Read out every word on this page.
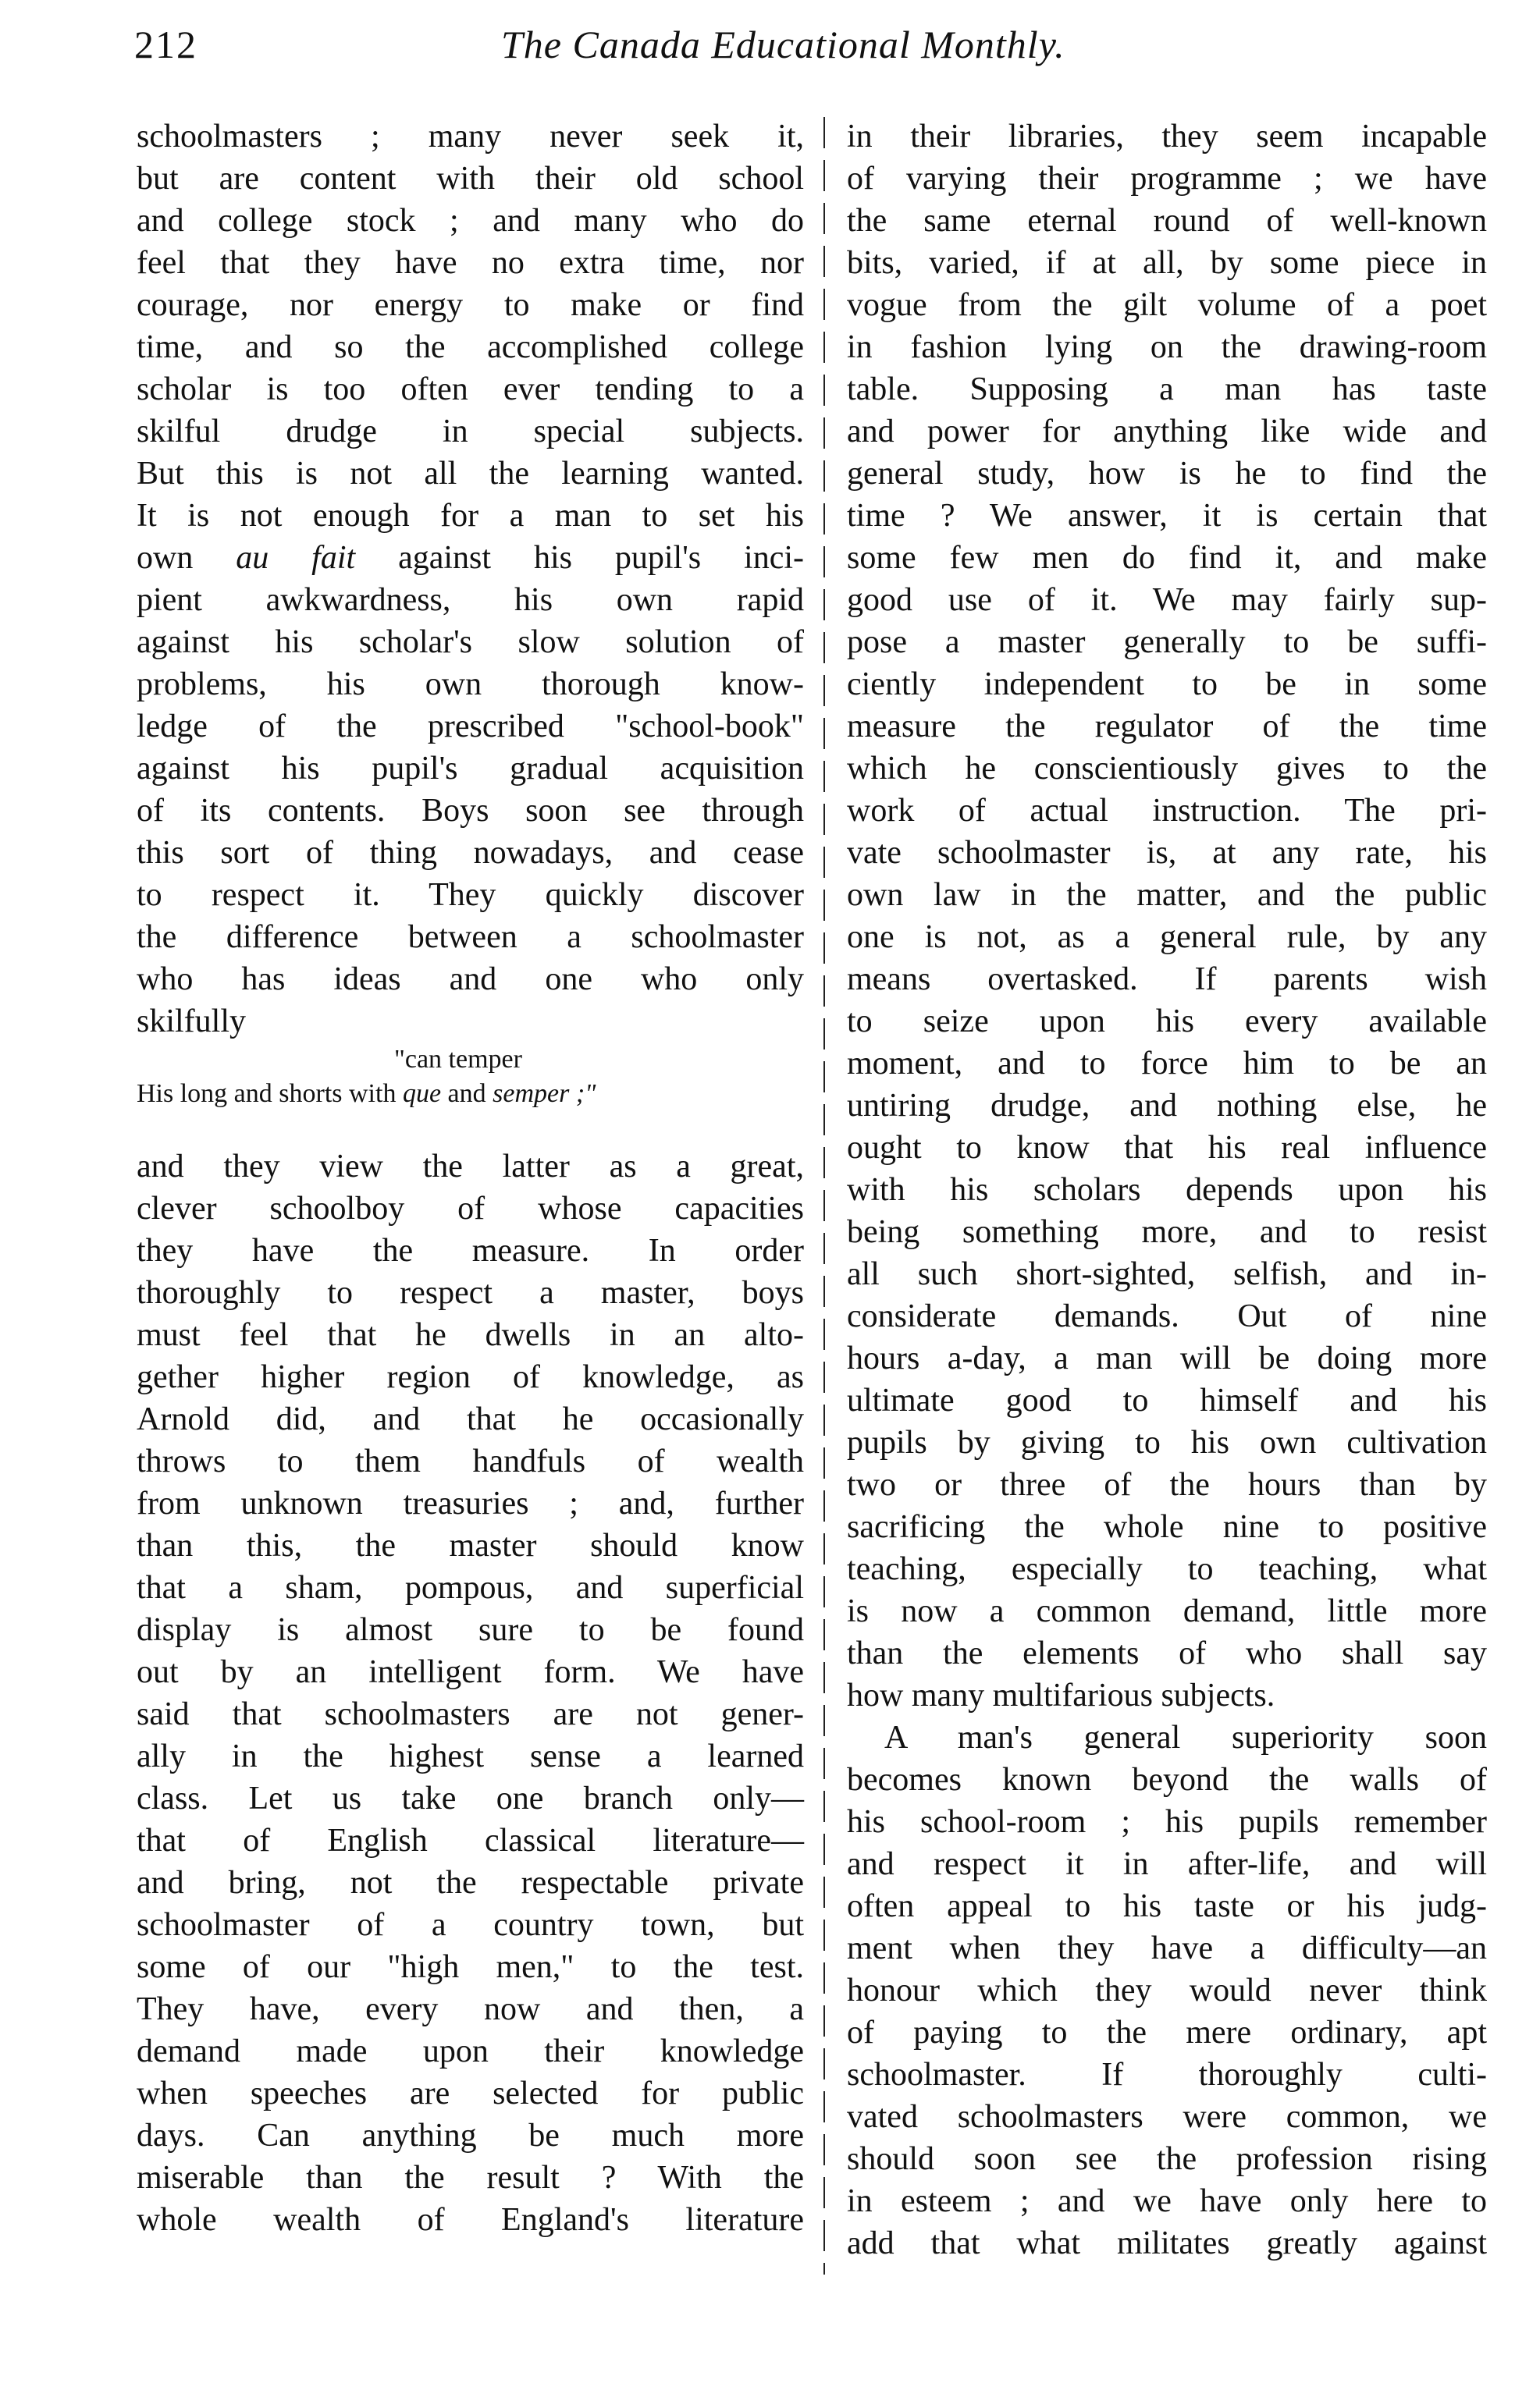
212	The Canada Educational Monthly.
schoolmasters ; many never seek it,
but are content with their old school
and college stock ; and many who do
feel that they have no extra time, nor
courage, nor energy to make or find
time, and so the accomplished college
scholar is too often ever tending to a
skilful drudge in special subjects.
But this is not all the learning wanted.
It is not enough for a man to set his
own au fait against his pupil's inci-
pient awkwardness, his own rapid
against his scholar's slow solution of
problems, his own thorough know-
ledge of the prescribed "school-book"
against his pupil's gradual acquisition
of its contents. Boys soon see through
this sort of thing nowadays, and cease
to respect it. They quickly discover
the difference between a schoolmaster
who has ideas and one who only
skilfully
"can temper
His long and shorts with que and semper ;"
and they view the latter as a great,
clever schoolboy of whose capacities
they have the measure. In order
thoroughly to respect a master, boys
must feel that he dwells in an alto-
gether higher region of knowledge, as
Arnold did, and that he occasionally
throws to them handfuls of wealth
from unknown treasuries ; and, further
than this, the master should know
that a sham, pompous, and superficial
display is almost sure to be found
out by an intelligent form. We have
said that schoolmasters are not gener-
ally in the highest sense a learned
class. Let us take one branch only—
that of English classical literature—
and bring, not the respectable private
schoolmaster of a country town, but
some of our "high men," to the test.
They have, every now and then, a
demand made upon their knowledge
when speeches are selected for public
days. Can anything be much more
miserable than the result ? With the
whole wealth of England's literature
in their libraries, they seem incapable
of varying their programme ; we have
the same eternal round of well-known
bits, varied, if at all, by some piece in
vogue from the gilt volume of a poet
in fashion lying on the drawing-room
table. Supposing a man has taste
and power for anything like wide and
general study, how is he to find the
time ? We answer, it is certain that
some few men do find it, and make
good use of it. We may fairly sup-
pose a master generally to be suffi-
ciently independent to be in some
measure the regulator of the time
which he conscientiously gives to the
work of actual instruction. The pri-
vate schoolmaster is, at any rate, his
own law in the matter, and the public
one is not, as a general rule, by any
means overtasked. If parents wish
to seize upon his every available
moment, and to force him to be an
untiring drudge, and nothing else, he
ought to know that his real influence
with his scholars depends upon his
being something more, and to resist
all such short-sighted, selfish, and in-
considerate demands. Out of nine
hours a-day, a man will be doing more
ultimate good to himself and his
pupils by giving to his own cultivation
two or three of the hours than by
sacrificing the whole nine to positive
teaching, especially to teaching, what
is now a common demand, little more
than the elements of who shall say
how many multifarious subjects.
A man's general superiority soon
becomes known beyond the walls of
his school-room ; his pupils remember
and respect it in after-life, and will
often appeal to his taste or his judg-
ment when they have a difficulty—an
honour which they would never think
of paying to the mere ordinary, apt
schoolmaster. If thoroughly culti-
vated schoolmasters were common, we
should soon see the profession rising
in esteem ; and we have only here to
add that what militates greatly against
